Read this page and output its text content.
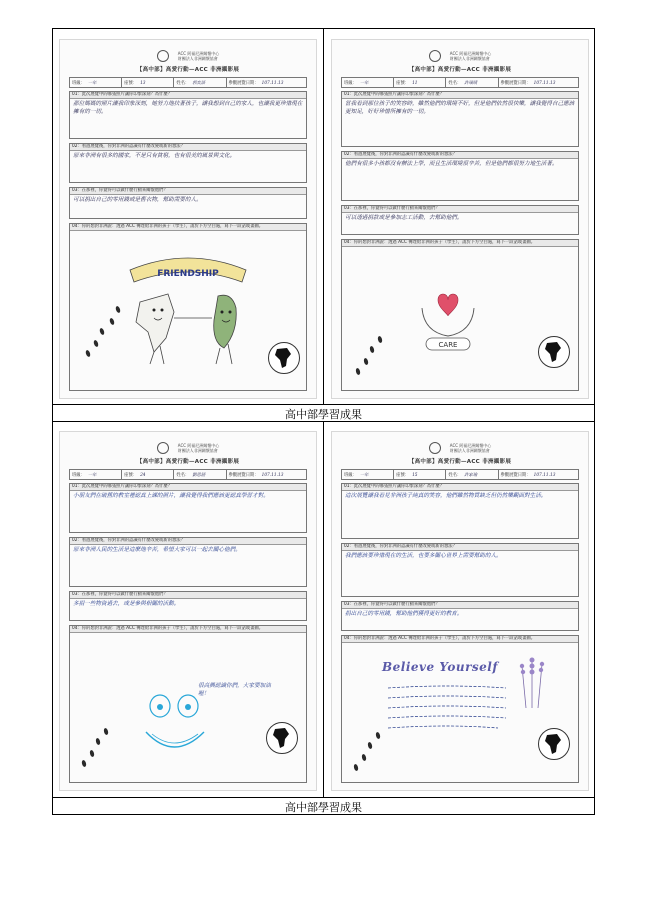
高中部學習成果
高中部學習成果
ACC 阿福尼洲關懷中心
財團法人非洲關懷協會
【高中部】高愛行動—ACC 非洲攝影展
班級： 一年	座號： 13	姓名： 郭奕語	參觀展覽日期： 107.11.13
01：此次展覽中的哪張照片讓你印象深刻？為什麼？
那位媽媽的照片讓我印象深刻，她努力地扶著孩子，讓我想到自己的家人，也讓我更珍惜現在擁有的一切。
02：看過展覽後，你對非洲的認識有什麼改變或新的想法？
原來非洲有很多的國家，不是只有貧窮，也有很美的風景與文化。
03：在那裡，你覺得可以做什麼行動來關懷他們？
可以捐出自己的零用錢或是舊衣物，幫助需要的人。
04：你的想對非洲說：透過 ACC 傳達給非洲的孩子（學生），請於下方空白處，寫下一段話或畫圖。
FRIENDSHIP
ACC 阿福尼洲關懷中心
財團法人非洲關懷協會
【高中部】高愛行動—ACC 非洲攝影展
班級： 一年	座號： 11	姓名： 許瑞晴	參觀展覽日期： 107.11.13
01：此次展覽中的哪張照片讓你印象深刻？為什麼？
當我看到那位孩子的笑容時，雖然他們的環境不好，但是他們依然很快樂，讓我覺得自己應該更知足，好好珍惜所擁有的一切。
02：看過展覽後，你對非洲的認識有什麼改變或新的想法？
他們有很多小孩都沒有辦法上學，而且生活環境很辛苦，但是他們都很努力地生活著。
03：在那裡，你覺得可以做什麼行動來關懷他們？
可以透過捐款或是參加志工活動，去幫助他們。
04：你的想對非洲說：透過 ACC 傳達給非洲的孩子（學生），請於下方空白處，寫下一段話或畫圖。
CARE
ACC 阿福尼洲關懷中心
財團法人非洲關懷協會
【高中部】高愛行動—ACC 非洲攝影展
班級： 一年	座號： 24	姓名： 劉思涵	參觀展覽日期： 107.11.13
01：此次展覽中的哪張照片讓你印象深刻？為什麼？
小朋友們在破舊的教室裡認真上課的照片，讓我覺得我們應該更認真學習才對。
02：看過展覽後，你對非洲的認識有什麼改變或新的想法？
原來非洲人民的生活是這麼地辛苦，希望大家可以一起去關心他們。
03：在那裡，你覺得可以做什麼行動來關懷他們？
多捐一些物資過去，或是參與相關的活動。
04：你的想對非洲說：透過 ACC 傳達給非洲的孩子（學生），請於下方空白處，寫下一段話或畫圖。
很高興認識你們，大家要加油喔！
ACC 阿福尼洲關懷中心
財團法人非洲關懷協會
【高中部】高愛行動—ACC 非洲攝影展
班級： 一年	座號： 15	姓名： 許家瑜	參觀展覽日期： 107.11.13
01：此次展覽中的哪張照片讓你印象深刻？為什麼？
這次展覽讓我看見非洲孩子純真的笑容，他們雖然物質缺乏但仍然樂觀面對生活。
02：看過展覽後，你對非洲的認識有什麼改變或新的想法？
我們應該要珍惜現在的生活，也要多關心世界上需要幫助的人。
03：在那裡，你覺得可以做什麼行動來關懷他們？
捐出自己的零用錢，幫助他們獲得更好的教育。
04：你的想對非洲說：透過 ACC 傳達給非洲的孩子（學生），請於下方空白處，寫下一段話或畫圖。
Believe Yourself
